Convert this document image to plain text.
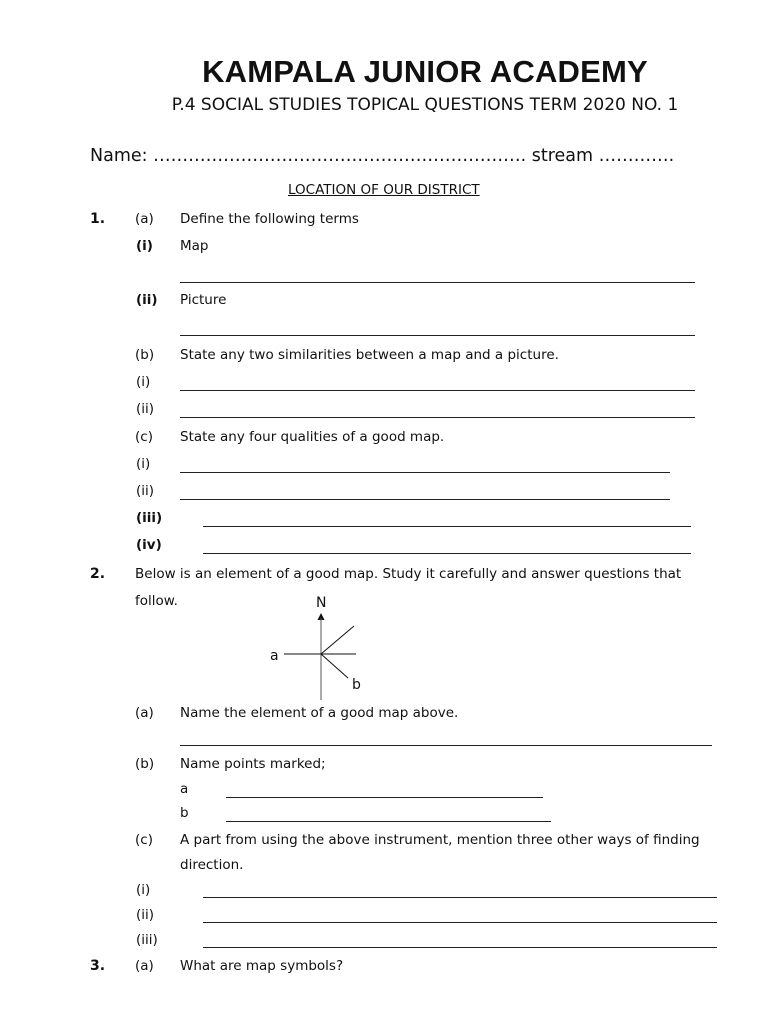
KAMPALA JUNIOR ACADEMY
P.4 SOCIAL STUDIES TOPICAL QUESTIONS TERM 2020 NO. 1
Name: ………………………………………………………. stream ………….
LOCATION OF OUR DISTRICT
1. (a) Define the following terms
(i) Map
(ii) Picture
(b) State any two similarities between a map and a picture.
(i)
(ii)
(c) State any four qualities of a good map.
(i)
(ii)
(iii)
(iv)
2. Below is an element of a good map. Study it carefully and answer questions that
follow.	N
a
b
(a) Name the element of a good map above.
(b) Name points marked;
a
b
(c) A part from using the above instrument, mention three other ways of finding
direction.
(i)
(ii)
(iii)
3. (a) What are map symbols?
